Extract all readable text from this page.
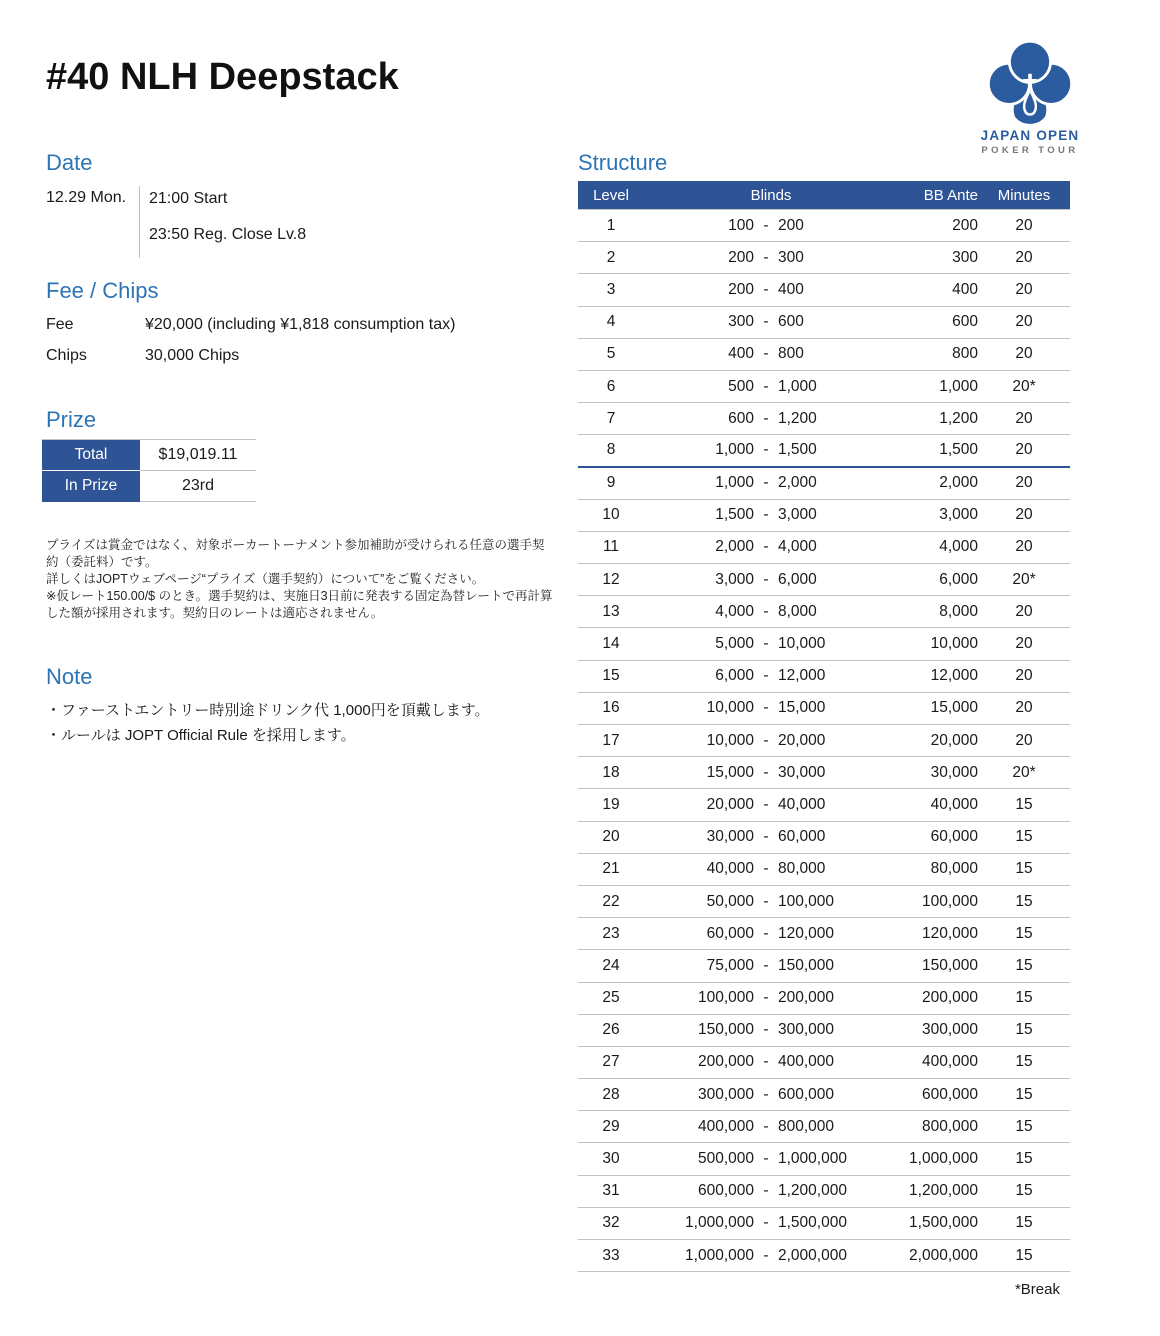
#40 NLH Deepstack
JAPAN OPEN
POKER TOUR
Date
12.29 Mon.	21:00 Start
23:50 Reg. Close Lv.8
Fee / Chips
Fee	¥20,000 (including ¥1,818 consumption tax)
Chips	30,000 Chips
Prize
Total	$19,019.11
In Prize	23rd
プライズは賞金ではなく、対象ポーカートーナメント参加補助が受けられる任意の選手契約（委託料）です。
詳しくはJOPTウェブページ“プライズ（選手契約）について”をご覧ください。
※仮レート150.00/$ のとき。選手契約は、実施日3日前に発表する固定為替レートで再計算した額が採用されます。契約日のレートは適応されません。
Note
・ファーストエントリー時別途ドリンク代 1,000円を頂戴します。
・ルールは JOPT Official Rule を採用します。
Structure
Level	Blinds	BB Ante	Minutes
1	100 - 200	200	20
2	200 - 300	300	20
3	200 - 400	400	20
4	300 - 600	600	20
5	400 - 800	800	20
6	500 - 1,000	1,000	20*
7	600 - 1,200	1,200	20
8	1,000 - 1,500	1,500	20
9	1,000 - 2,000	2,000	20
10	1,500 - 3,000	3,000	20
11	2,000 - 4,000	4,000	20
12	3,000 - 6,000	6,000	20*
13	4,000 - 8,000	8,000	20
14	5,000 - 10,000	10,000	20
15	6,000 - 12,000	12,000	20
16	10,000 - 15,000	15,000	20
17	10,000 - 20,000	20,000	20
18	15,000 - 30,000	30,000	20*
19	20,000 - 40,000	40,000	15
20	30,000 - 60,000	60,000	15
21	40,000 - 80,000	80,000	15
22	50,000 - 100,000	100,000	15
23	60,000 - 120,000	120,000	15
24	75,000 - 150,000	150,000	15
25	100,000 - 200,000	200,000	15
26	150,000 - 300,000	300,000	15
27	200,000 - 400,000	400,000	15
28	300,000 - 600,000	600,000	15
29	400,000 - 800,000	800,000	15
30	500,000 - 1,000,000	1,000,000	15
31	600,000 - 1,200,000	1,200,000	15
32	1,000,000 - 1,500,000	1,500,000	15
33	1,000,000 - 2,000,000	2,000,000	15
*Break
